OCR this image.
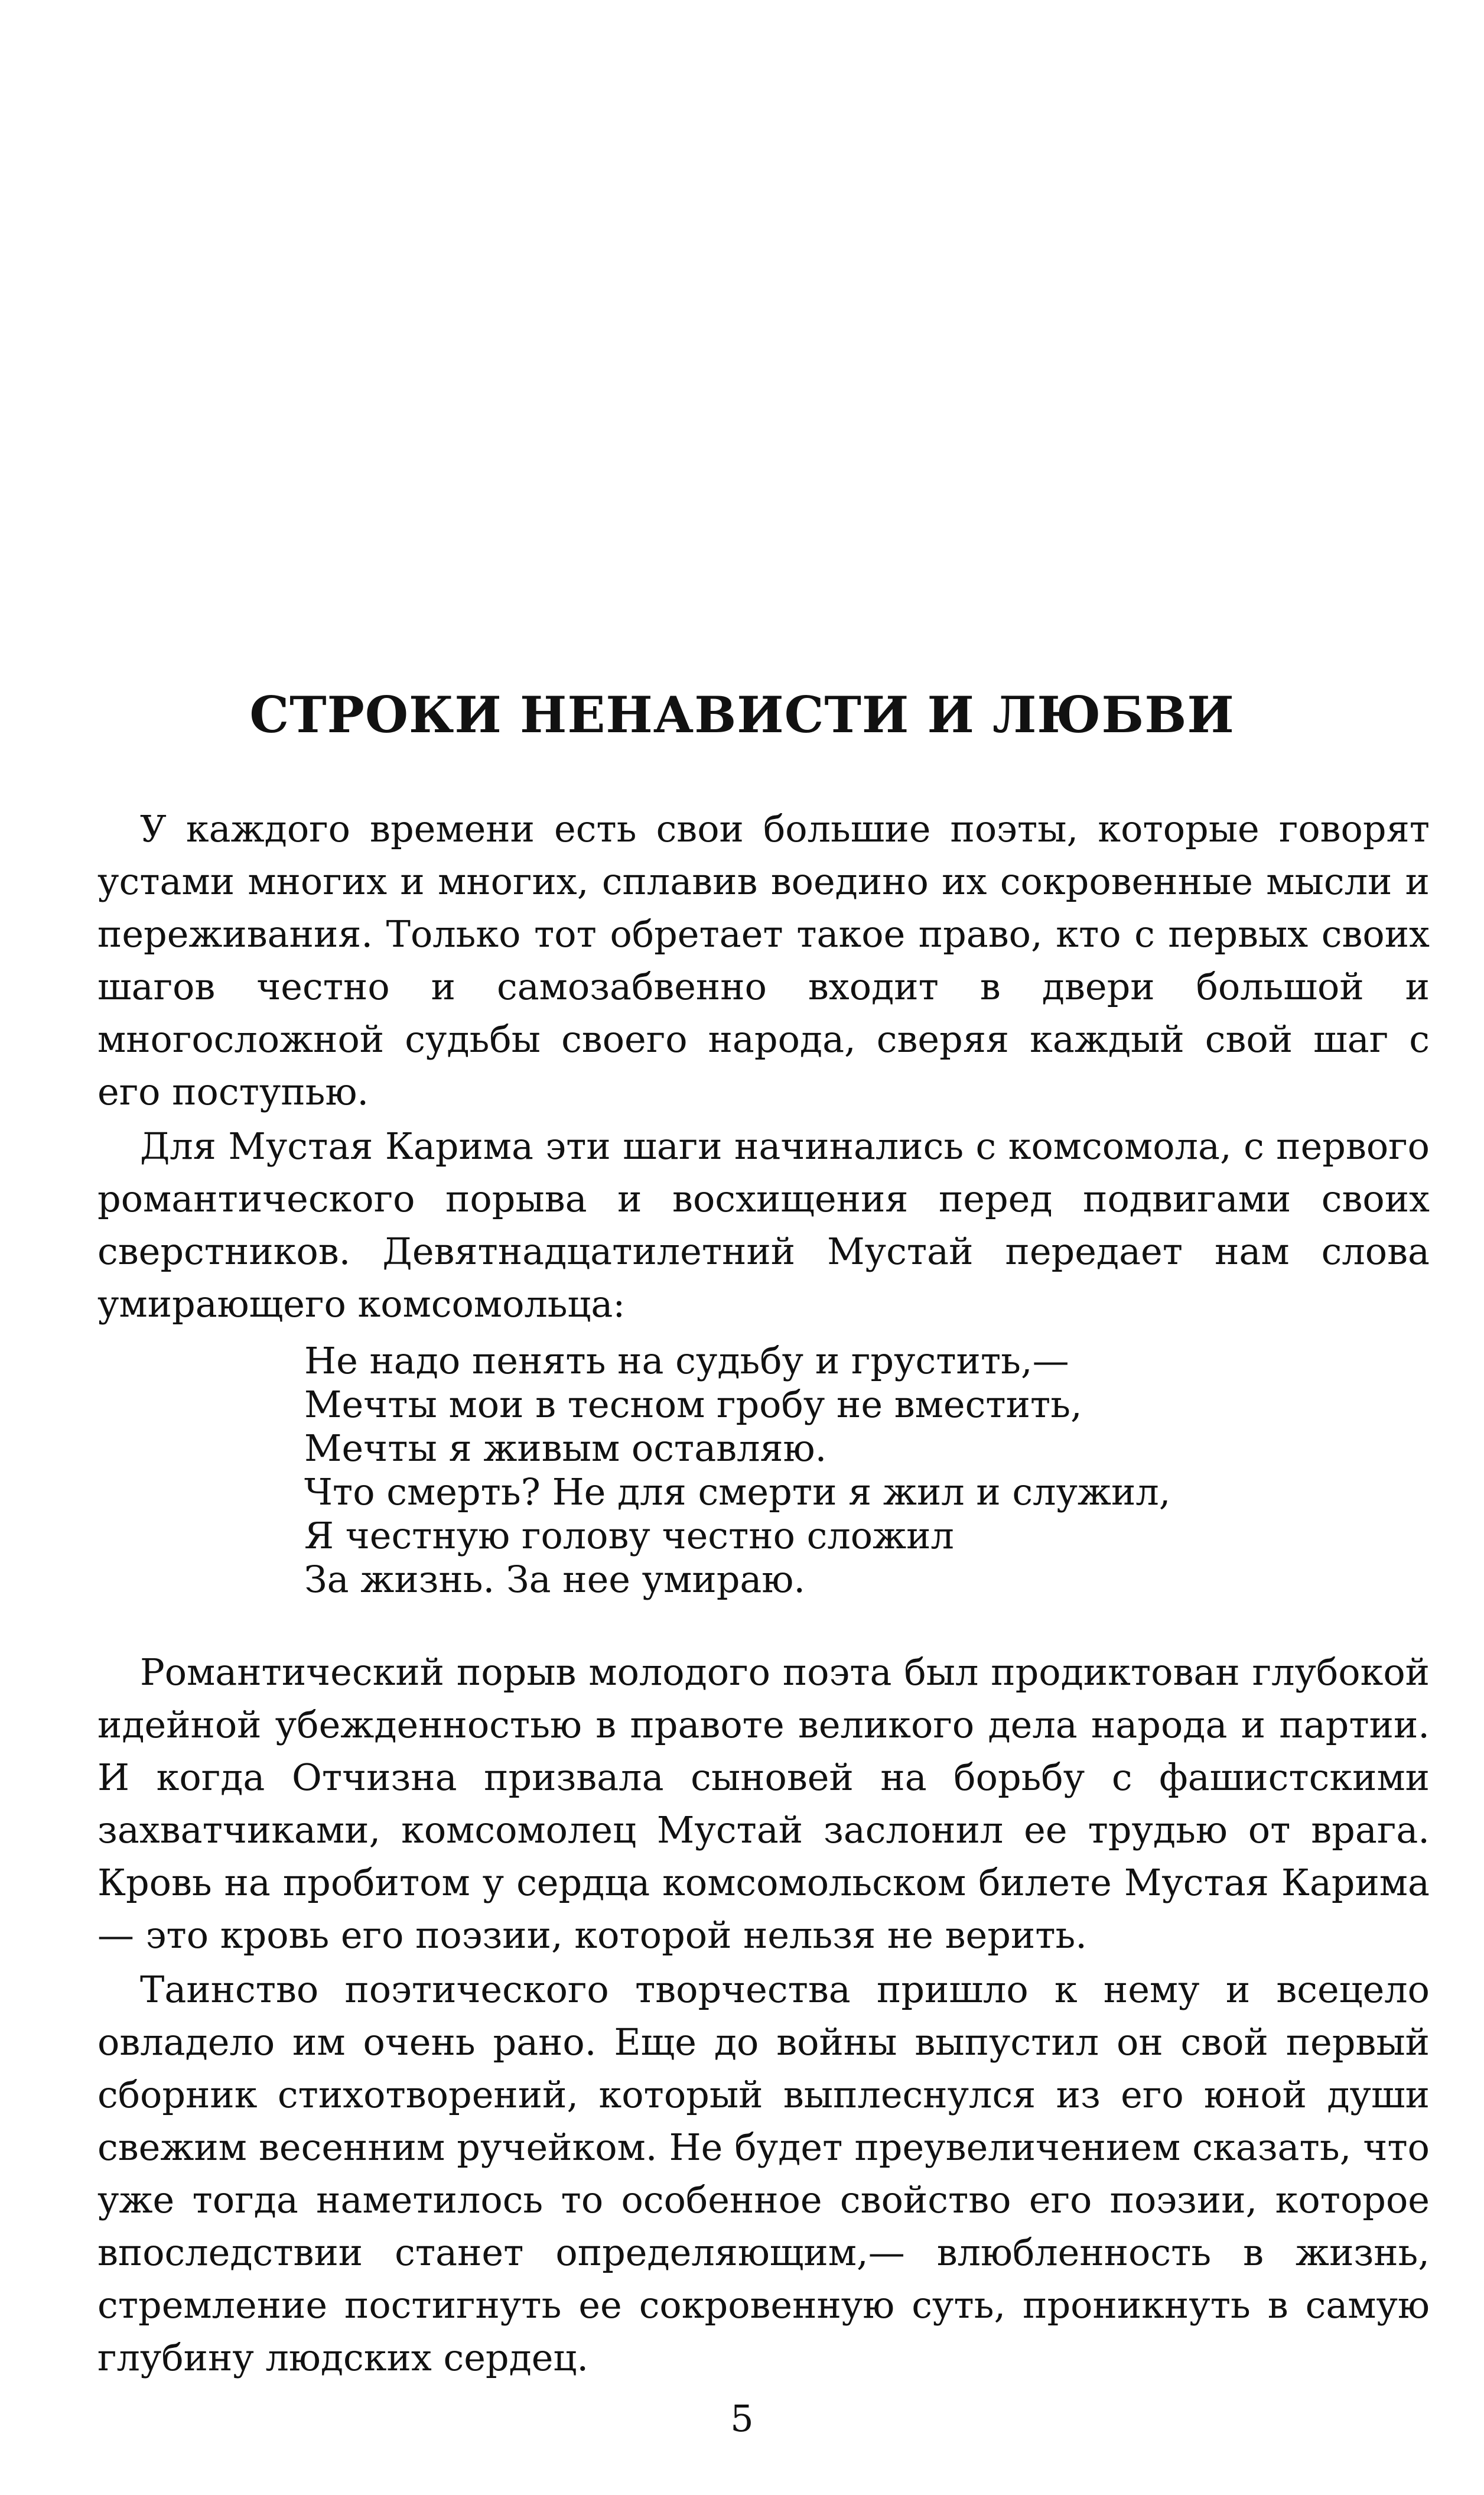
СТРОКИ НЕНАВИСТИ И ЛЮБВИ

У каждого времени есть свои большие поэты, которые говорят устами многих и многих, сплавив воедино их сокровенные мысли и переживания. Только тот обретает такое право, кто с первых своих шагов честно и самозабвенно входит в двери большой и многосложной судьбы своего народа, сверяя каждый свой шаг с его поступью.

Для Мустая Карима эти шаги начинались с комсомола, с первого романтического порыва и восхищения перед подвигами своих сверстников. Девятнадцатилетний Мустай передает нам слова умирающего комсомольца:

Не надо пенять на судьбу и грустить,—
Мечты мои в тесном гробу не вместить,
Мечты я живым оставляю.
Что смерть? Не для смерти я жил и служил,
Я честную голову честно сложил
За жизнь. За нее умираю.

Романтический порыв молодого поэта был продиктован глубокой идейной убежденностью в правоте великого дела народа и партии. И когда Отчизна призвала сыновей на борьбу с фашистскими захватчиками, комсомолец Мустай заслонил ее трудью от врага. Кровь на пробитом у сердца комсомольском билете Мустая Карима — это кровь его поэзии, которой нельзя не верить.

Таинство поэтического творчества пришло к нему и всецело овладело им очень рано. Еще до войны выпустил он свой первый сборник стихотворений, который выплеснулся из его юной души свежим весенним ручейком. Не будет преувеличением сказать, что уже тогда наметилось то особенное свойство его поэзии, которое впоследствии станет определяющим,— влюбленность в жизнь, стремление постигнуть ее сокровенную суть, проникнуть в самую глубину людских сердец.

5
